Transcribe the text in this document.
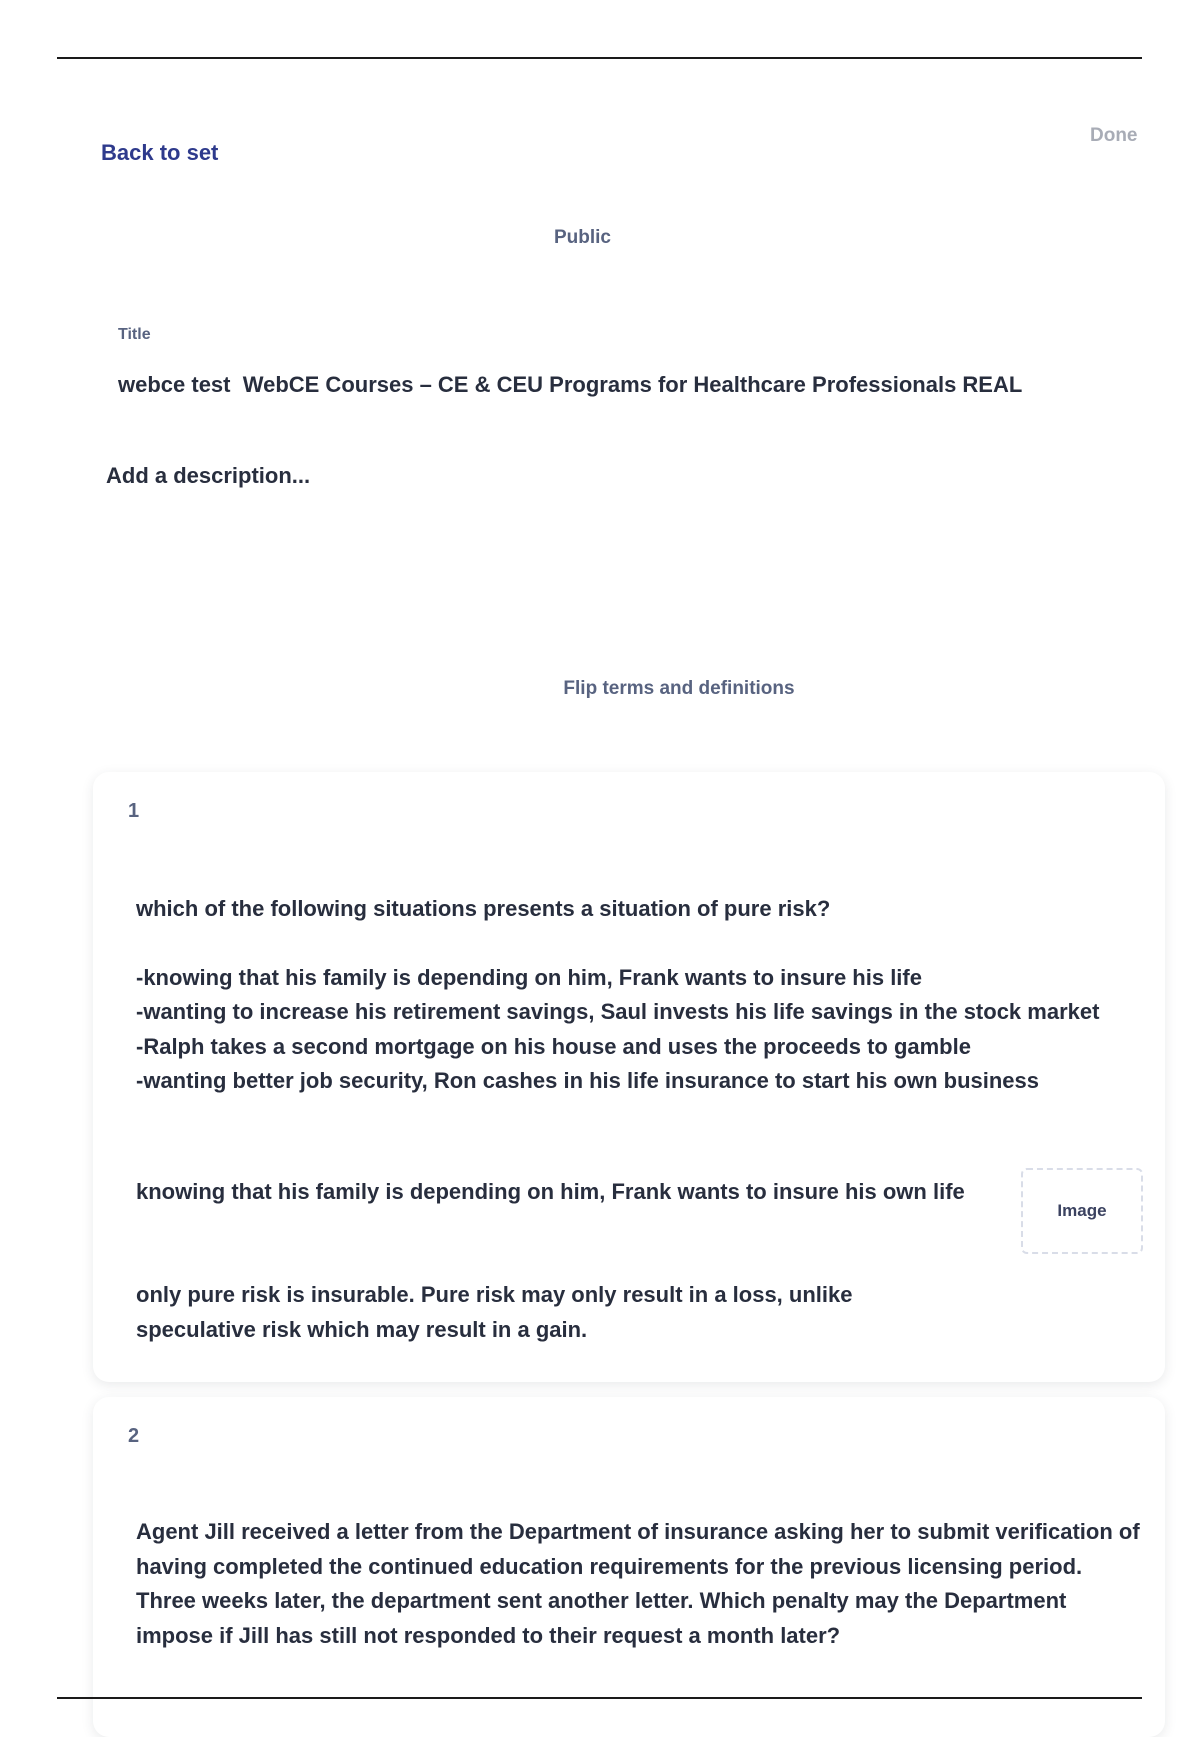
Back to set
Done
Public
Title
webce test  WebCE Courses – CE & CEU Programs for Healthcare Professionals REAL
Add a description...
Flip terms and definitions
1

which of the following situations presents a situation of pure risk?

-knowing that his family is depending on him, Frank wants to insure his life

-wanting to increase his retirement savings, Saul invests his life savings in the stock market

-Ralph takes a second mortgage on his house and uses the proceeds to gamble

-wanting better job security, Ron cashes in his life insurance to start his own business

knowing that his family is depending on him, Frank wants to insure his own life
Image
only pure risk is insurable. Pure risk may only result in a loss, unlike speculative risk which may result in a gain.
2

Agent Jill received a letter from the Department of insurance asking her to submit verification of having completed the continued education requirements for the previous licensing period. Three weeks later, the department sent another letter. Which penalty may the Department impose if Jill has still not responded to their request a month later?
